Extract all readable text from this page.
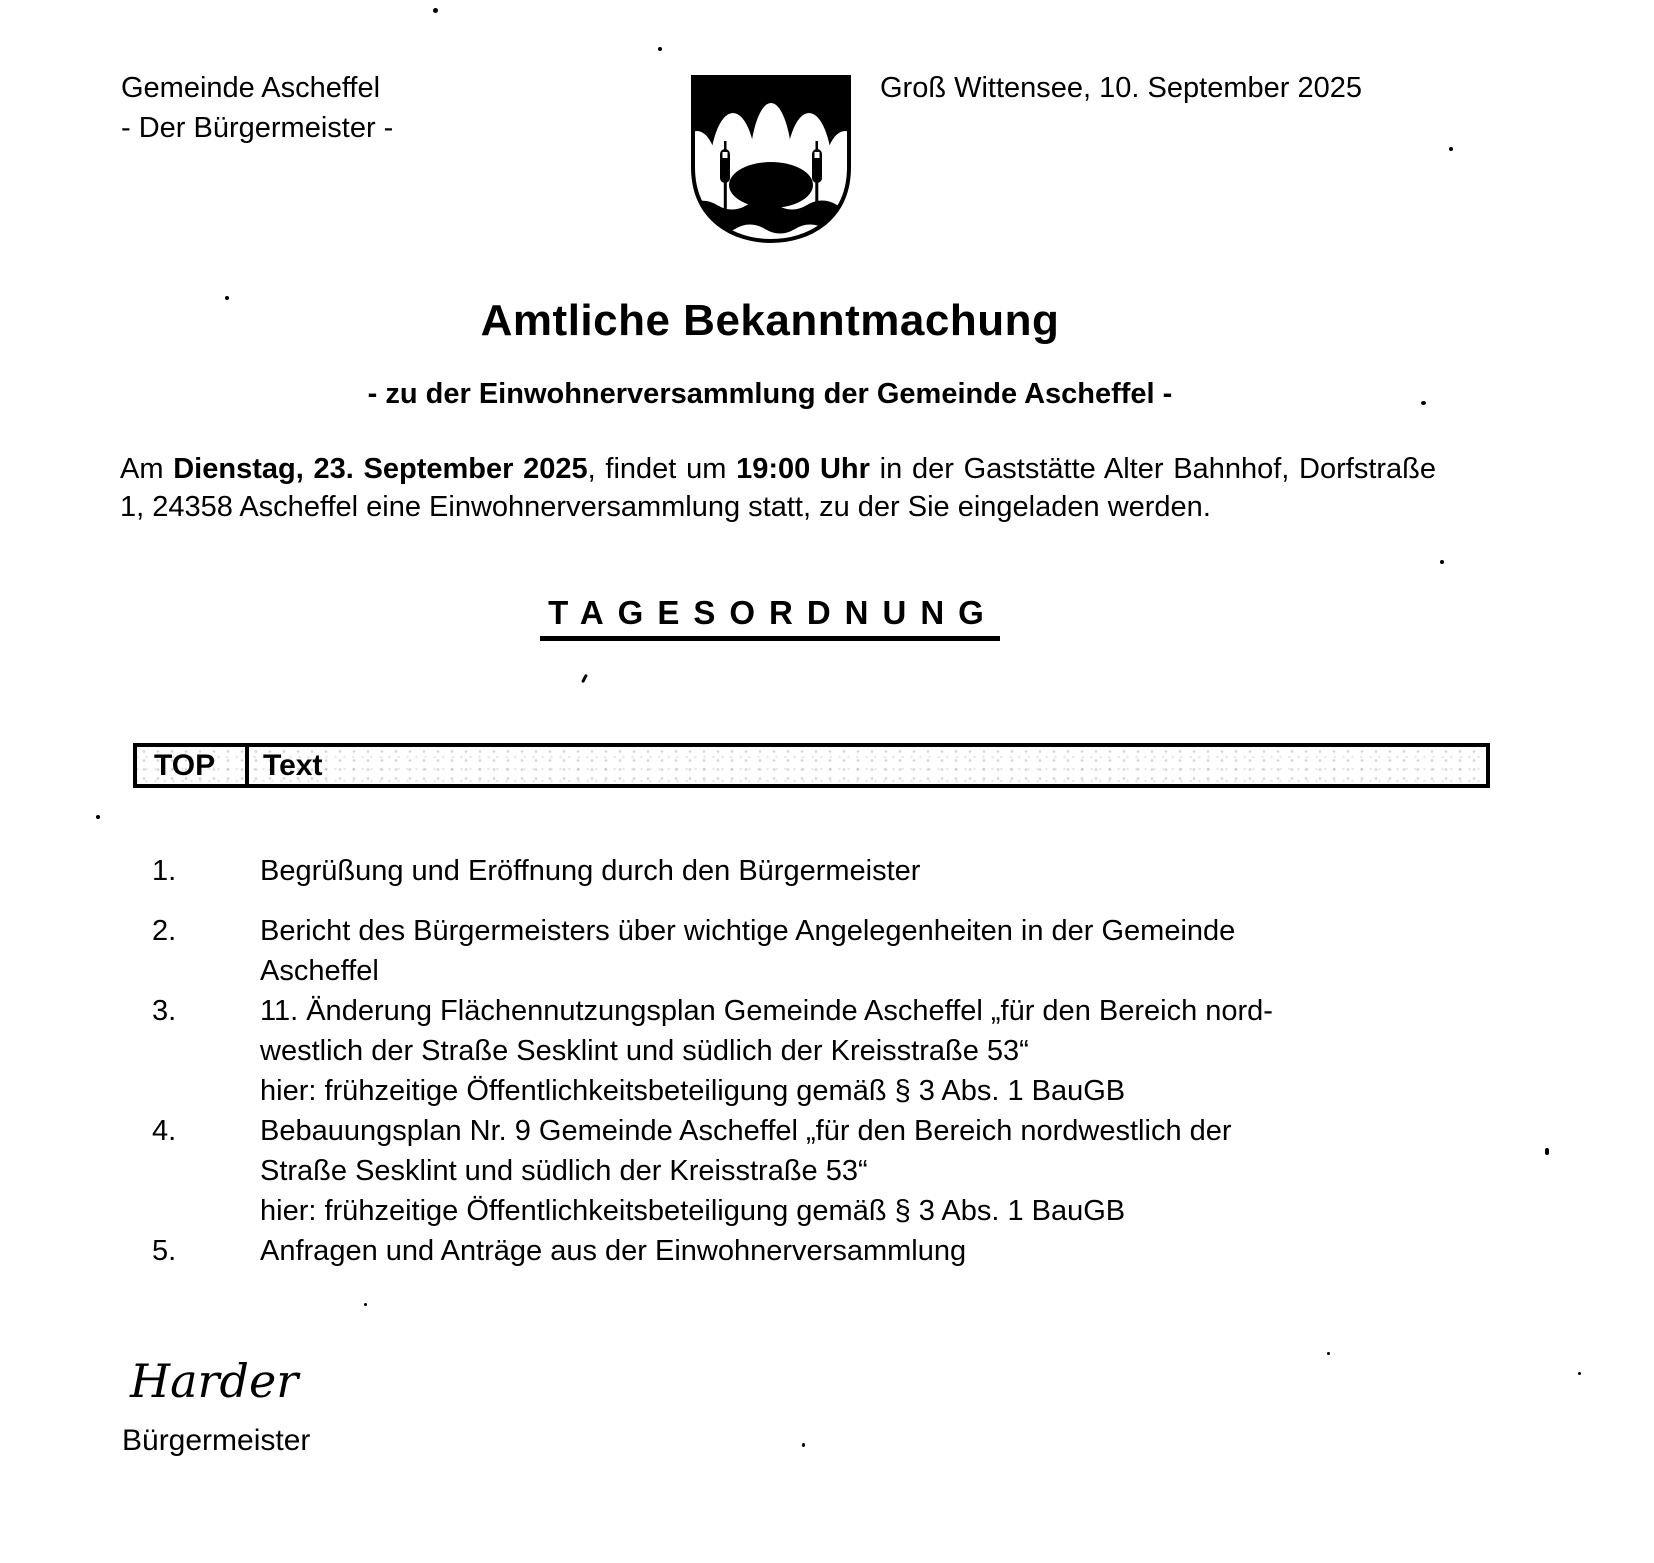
Gemeinde Ascheffel
- Der Bürgermeister -
Groß Wittensee, 10. September 2025
Amtliche Bekanntmachung
- zu der Einwohnerversammlung der Gemeinde Ascheffel -

Am Dienstag, 23. September 2025, findet um 19:00 Uhr in der Gaststätte Alter Bahnhof, Dorfstraße 1, 24358 Ascheffel eine Einwohnerversammlung statt, zu der Sie eingeladen werden.

TAGESORDNUNG
TOP	Text
1.	Begrüßung und Eröffnung durch den Bürgermeister
2.	Bericht des Bürgermeisters über wichtige Angelegenheiten in der Gemeinde
Ascheffel
3.	11. Änderung Flächennutzungsplan Gemeinde Ascheffel „für den Bereich nord-
westlich der Straße Sesklint und südlich der Kreisstraße 53“
hier: frühzeitige Öffentlichkeitsbeteiligung gemäß § 3 Abs. 1 BauGB
4.	Bebauungsplan Nr. 9 Gemeinde Ascheffel „für den Bereich nordwestlich der
Straße Sesklint und südlich der Kreisstraße 53“
hier: frühzeitige Öffentlichkeitsbeteiligung gemäß § 3 Abs. 1 BauGB
5.	Anfragen und Anträge aus der Einwohnerversammlung
Harder
Bürgermeister
